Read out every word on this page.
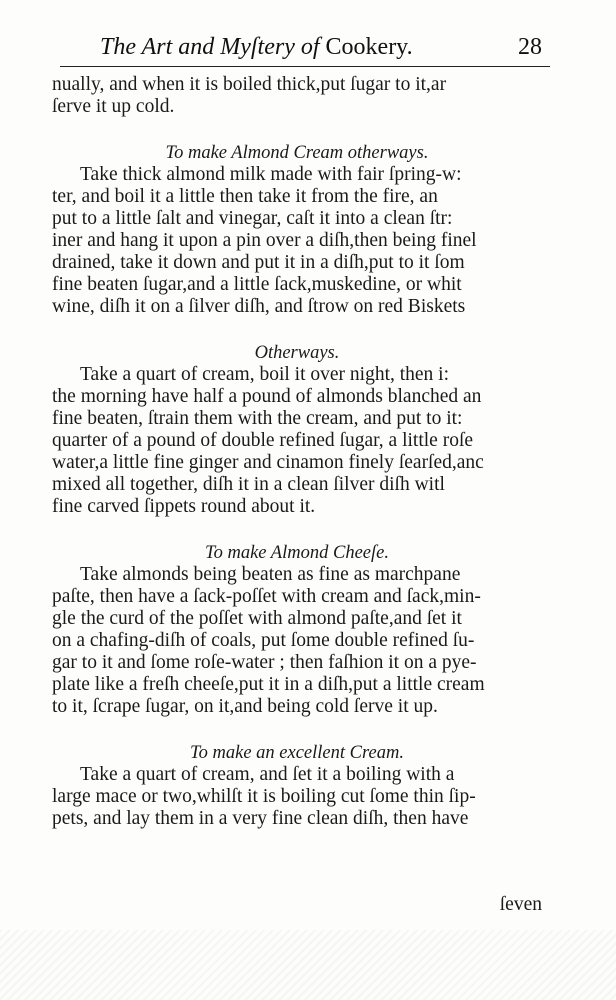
The Art and Myſtery of Cookery.	28
nually, and when it is boiled thick,put ſugar to it,ar
ſerve it up cold.
To make Almond Cream otherways.
Take thick almond milk made with fair ſpring-w:
ter, and boil it a little then take it from the fire, an
put to a little ſalt and vinegar, caſt it into a clean ſtr:
iner and hang it upon a pin over a diſh,then being finel
drained, take it down and put it in a diſh,put to it ſom
fine beaten ſugar,and a little ſack,muskedine, or whit
wine, diſh it on a ſilver diſh, and ſtrow on red Biskets
Otherways.
Take a quart of cream, boil it over night, then i:
the morning have half a pound of almonds blanched an
fine beaten, ſtrain them with the cream, and put to it:
quarter of a pound of double refined ſugar, a little roſe
water,a little fine ginger and cinamon finely ſearſed,anc
mixed all together, diſh it in a clean ſilver diſh witl
fine carved ſippets round about it.
To make Almond Cheeſe.
Take almonds being beaten as fine as marchpane
paſte, then have a ſack-poſſet with cream and ſack,min-
gle the curd of the poſſet with almond paſte,and ſet it
on a chafing-diſh of coals, put ſome double refined ſu-
gar to it and ſome roſe-water ; then faſhion it on a pye-
plate like a freſh cheeſe,put it in a diſh,put a little cream
to it, ſcrape ſugar, on it,and being cold ſerve it up.
To make an excellent Cream.
Take a quart of cream, and ſet it a boiling with a
large mace or two,whilſt it is boiling cut ſome thin ſip-
pets, and lay them in a very fine clean diſh, then have
ſeven
